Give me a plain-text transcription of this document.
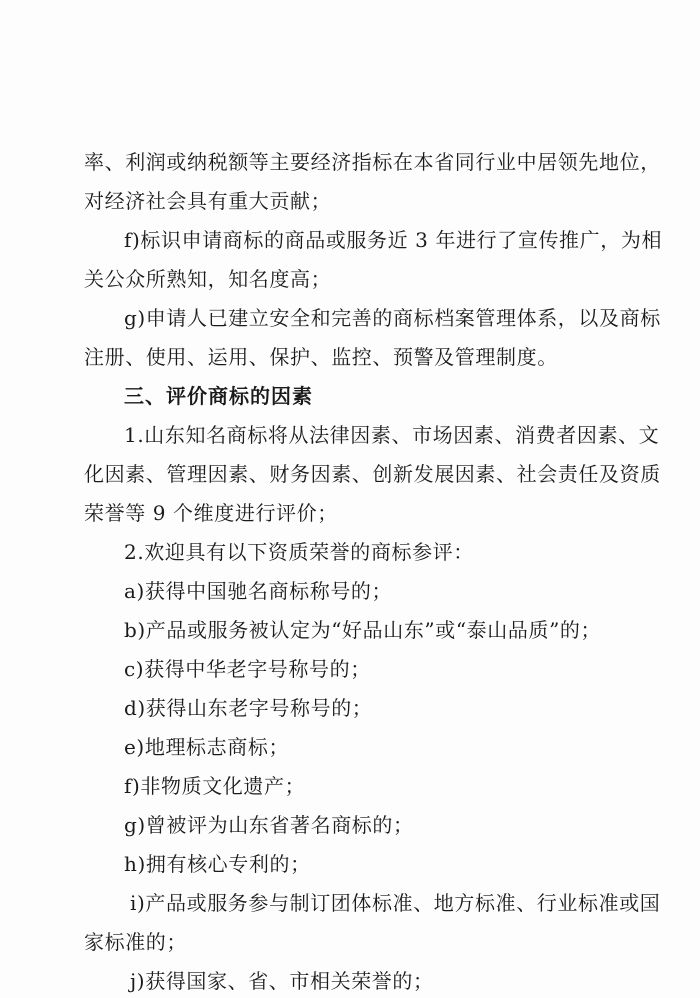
率、利润或纳税额等主要经济指标在本省同行业中居领先地位，
对经济社会具有重大贡献；
f)标识申请商标的商品或服务近 3 年进行了宣传推广，为相
关公众所熟知，知名度高；
g)申请人已建立安全和完善的商标档案管理体系，以及商标
注册、使用、运用、保护、监控、预警及管理制度。
三、评价商标的因素
1.山东知名商标将从法律因素、市场因素、消费者因素、文
化因素、管理因素、财务因素、创新发展因素、社会责任及资质
荣誉等 9 个维度进行评价；
2.欢迎具有以下资质荣誉的商标参评：
a)获得中国驰名商标称号的；
b)产品或服务被认定为“好品山东”或“泰山品质”的；
c)获得中华老字号称号的；
d)获得山东老字号称号的；
e)地理标志商标；
f)非物质文化遗产；
g)曾被评为山东省著名商标的；
h)拥有核心专利的；
i)产品或服务参与制订团体标准、地方标准、行业标准或国
家标准的；
j)获得国家、省、市相关荣誉的；
